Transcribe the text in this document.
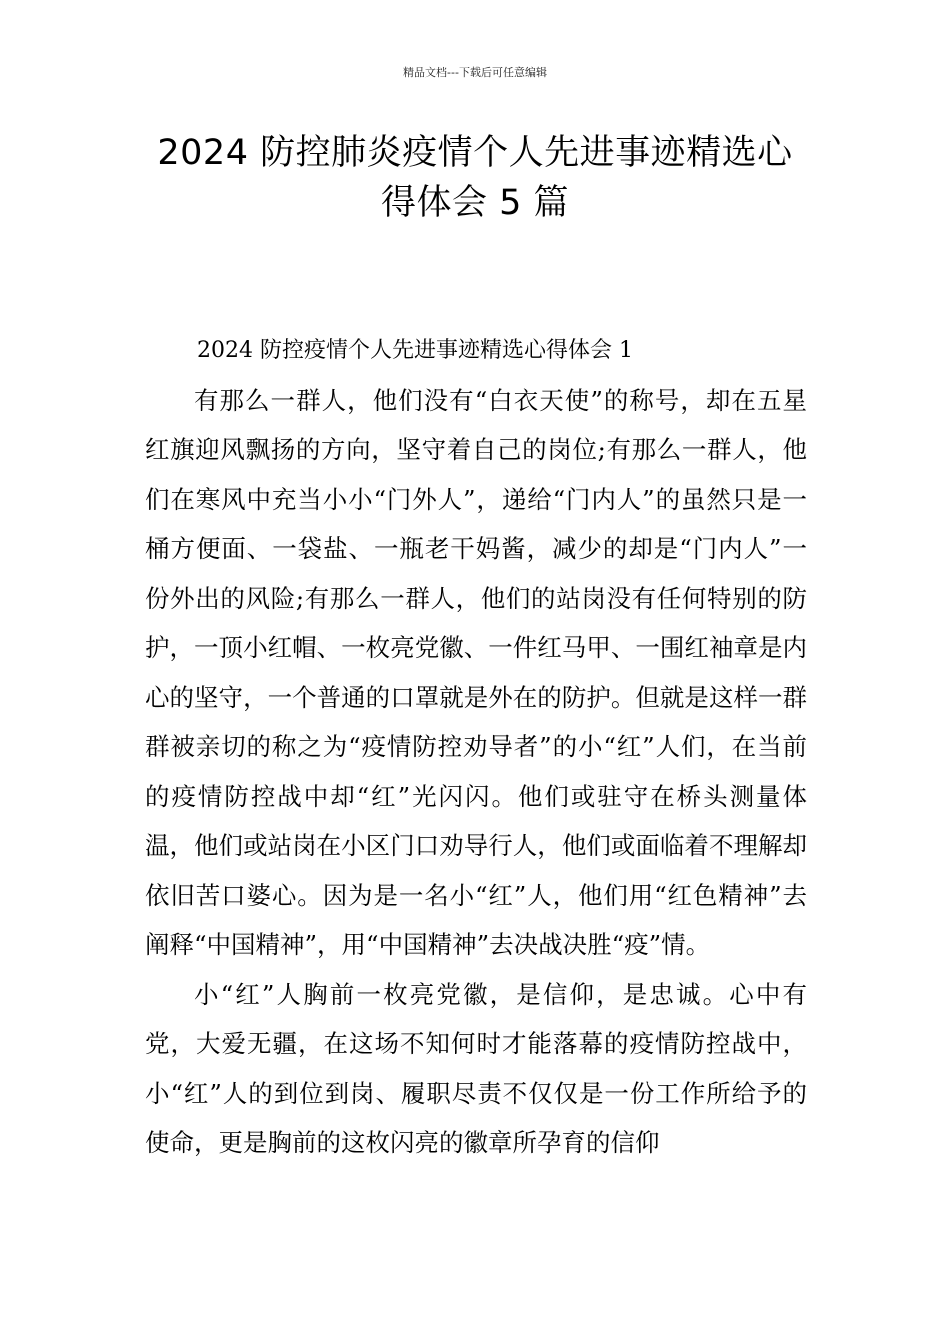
精品文档---下载后可任意编辑
2024 防控肺炎疫情个人先进事迹精选心
得体会 5 篇
2024 防控疫情个人先进事迹精选心得体会 1

有那么一群人，他们没有“白衣天使”的称号，却在五星红旗迎风飘扬的方向，坚守着自己的岗位;有那么一群人，他们在寒风中充当小小“门外人”，递给“门内人”的虽然只是一桶方便面、一袋盐、一瓶老干妈酱，减少的却是“门内人”一份外出的风险;有那么一群人，他们的站岗没有任何特别的防护，一顶小红帽、一枚亮党徽、一件红马甲、一围红袖章是内心的坚守，一个普通的口罩就是外在的防护。但就是这样一群群被亲切的称之为“疫情防控劝导者”的小“红”人们，在当前的疫情防控战中却“红”光闪闪。他们或驻守在桥头测量体温，他们或站岗在小区门口劝导行人，他们或面临着不理解却依旧苦口婆心。因为是一名小“红”人，他们用“红色精神”去阐释“中国精神”，用“中国精神”去决战决胜“疫”情。

小“红”人胸前一枚亮党徽，是信仰，是忠诚。心中有党，大爱无疆，在这场不知何时才能落幕的疫情防控战中，小“红”人的到位到岗、履职尽责不仅仅是一份工作所给予的使命，更是胸前的这枚闪亮的徽章所孕育的信仰
